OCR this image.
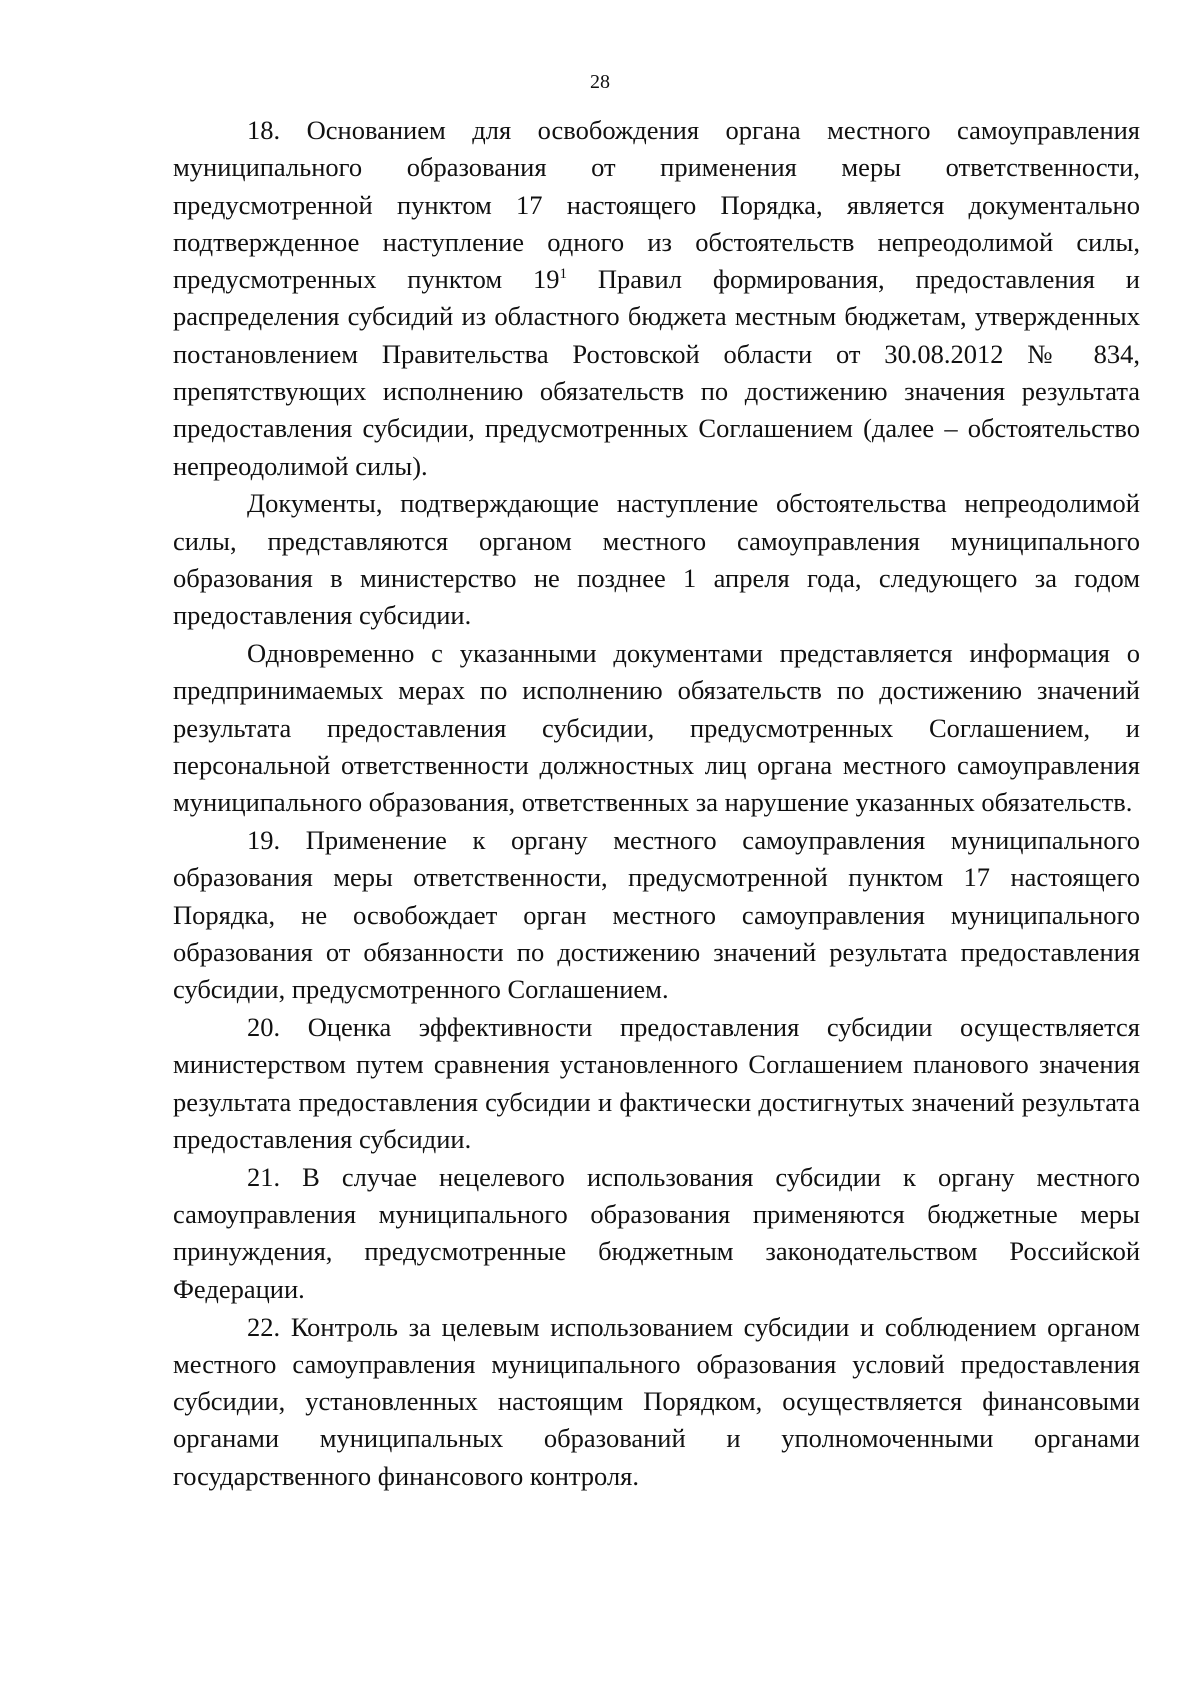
28

18. Основанием для освобождения органа местного самоуправления муниципального образования от применения меры ответственности, предусмотренной пунктом 17 настоящего Порядка, является документально подтвержденное наступление одного из обстоятельств непреодолимой силы, предусмотренных пунктом $19^1$ Правил формирования, предоставления и распределения субсидий из областного бюджета местным бюджетам, утвержденных постановлением Правительства Ростовской области от 30.08.2012 № 834, препятствующих исполнению обязательств по достижению значения результата предоставления субсидии, предусмотренных Соглашением (далее – обстоятельство непреодолимой силы).

Документы, подтверждающие наступление обстоятельства непреодолимой силы, представляются органом местного самоуправления муниципального образования в министерство не позднее 1 апреля года, следующего за годом предоставления субсидии.

Одновременно с указанными документами представляется информация о предпринимаемых мерах по исполнению обязательств по достижению значений результата предоставления субсидии, предусмотренных Соглашением, и персональной ответственности должностных лиц органа местного самоуправления муниципального образования, ответственных за нарушение указанных обязательств.

19. Применение к органу местного самоуправления муниципального образования меры ответственности, предусмотренной пунктом 17 настоящего Порядка, не освобождает орган местного самоуправления муниципального образования от обязанности по достижению значений результата предоставления субсидии, предусмотренного Соглашением.

20. Оценка эффективности предоставления субсидии осуществляется министерством путем сравнения установленного Соглашением планового значения результата предоставления субсидии и фактически достигнутых значений результата предоставления субсидии.

21. В случае нецелевого использования субсидии к органу местного самоуправления муниципального образования применяются бюджетные меры принуждения, предусмотренные бюджетным законодательством Российской Федерации.

22. Контроль за целевым использованием субсидии и соблюдением органом местного самоуправления муниципального образования условий предоставления субсидии, установленных настоящим Порядком, осуществляется финансовыми органами муниципальных образований и уполномоченными органами государственного финансового контроля.
